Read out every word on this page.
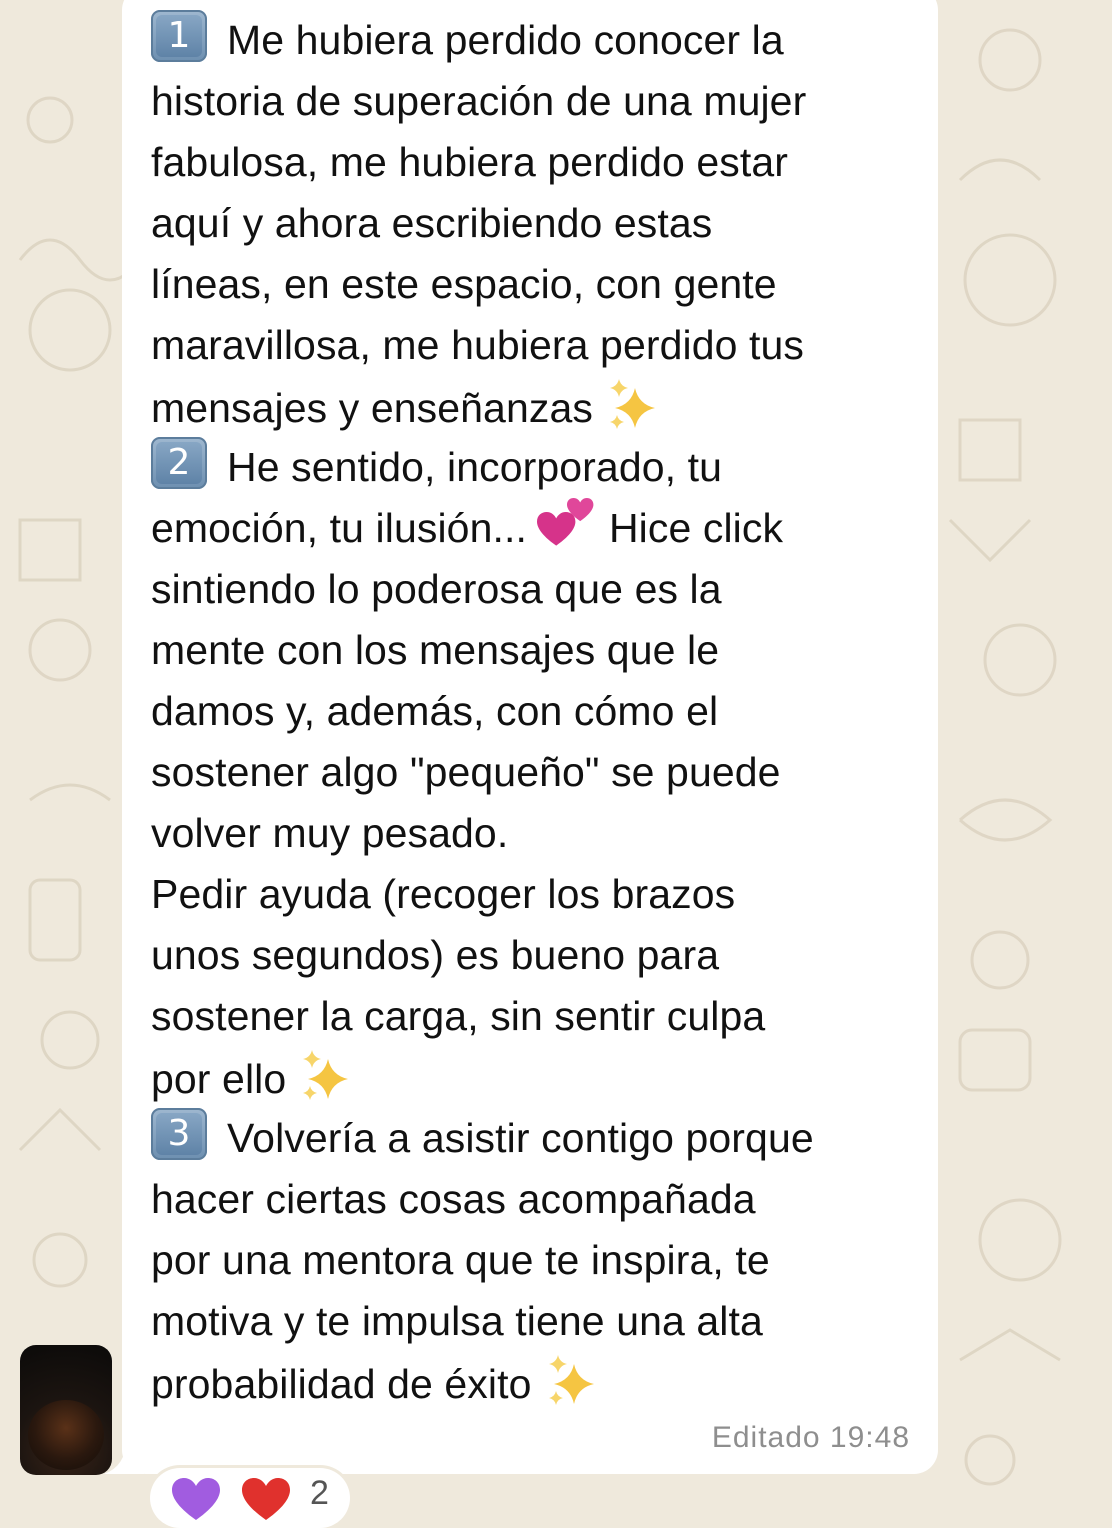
1 Me hubiera perdido conocer la
historia de superación de una mujer
fabulosa, me hubiera perdido estar
aquí y ahora escribiendo estas
líneas, en este espacio, con gente
maravillosa, me hubiera perdido tus
mensajes y enseñanzas
2 He sentido, incorporado, tu
emoción, tu ilusión... Hice click
sintiendo lo poderosa que es la
mente con los mensajes que le
damos y, además, con cómo el
sostener algo "pequeño" se puede
volver muy pesado.
Pedir ayuda (recoger los brazos
unos segundos) es bueno para
sostener la carga, sin sentir culpa
por ello
3 Volvería a asistir contigo porque
hacer ciertas cosas acompañada
por una mentora que te inspira, te
motiva y te impulsa tiene una alta
probabilidad de éxito
Editado 19:48
2
